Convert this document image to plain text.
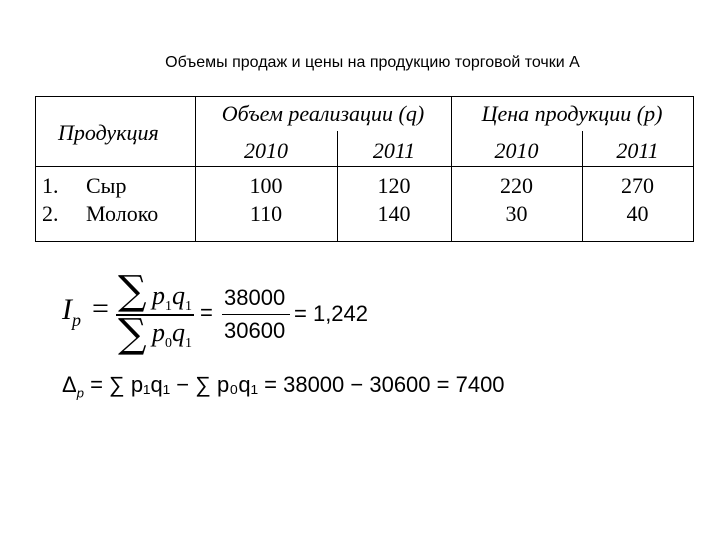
Объемы продаж и цены на продукцию торговой точки А
Продукция
Объем реализации (q)	Цена продукции (р)
2010	2011	2010	2011
1. Сыр	100	120	220	270
2. Молоко	110	140	30	40
$I_p$ = ∑ $p_1q_1$
∑ $p_0q_1$
=
38000
30600
= 1,242
$\Delta_p$ = ∑ p₁q₁ − ∑ p₀q₁ = 38000 − 30600 = 7400
